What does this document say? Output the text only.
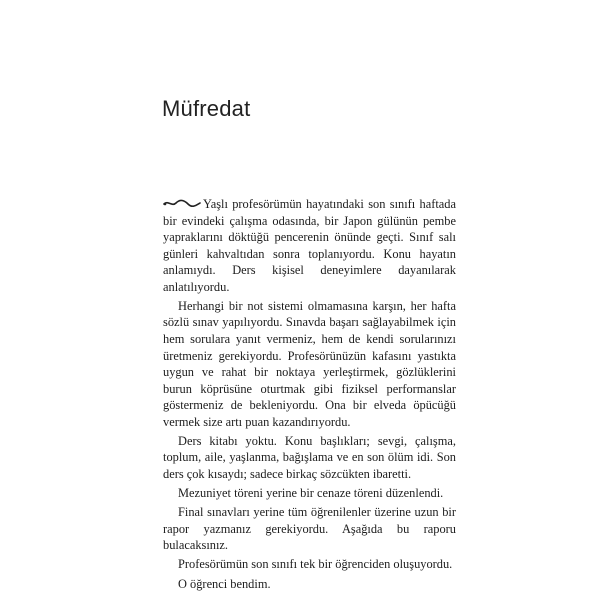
Müfredat

Yaşlı profesörümün hayatındaki son sınıfı haftada bir evindeki çalışma odasında, bir Japon gülünün pembe yapraklarını döktüğü pencerenin önünde geçti. Sınıf salı günleri kahvaltıdan sonra toplanıyordu. Konu hayatın anlamıydı. Ders kişisel deneyimlere dayanılarak anlatılıyordu.

Herhangi bir not sistemi olmamasına karşın, her hafta sözlü sınav yapılıyordu. Sınavda başarı sağlayabilmek için hem sorulara yanıt vermeniz, hem de kendi sorularınızı üretmeniz gerekiyordu. Profesörünüzün kafasını yastıkta uygun ve rahat bir noktaya yerleştirmek, gözlüklerini burun köprüsüne oturtmak gibi fiziksel performanslar göstermeniz de bekleniyordu. Ona bir elveda öpücüğü vermek size artı puan kazandırıyordu.

Ders kitabı yoktu. Konu başlıkları; sevgi, çalışma, toplum, aile, yaşlanma, bağışlama ve en son ölüm idi. Son ders çok kısaydı; sadece birkaç sözcükten ibaretti.

Mezuniyet töreni yerine bir cenaze töreni düzenlendi.

Final sınavları yerine tüm öğrenilenler üzerine uzun bir rapor yazmanız gerekiyordu. Aşağıda bu raporu bulacaksınız.

Profesörümün son sınıfı tek bir öğrenciden oluşuyordu.

O öğrenci bendim.
